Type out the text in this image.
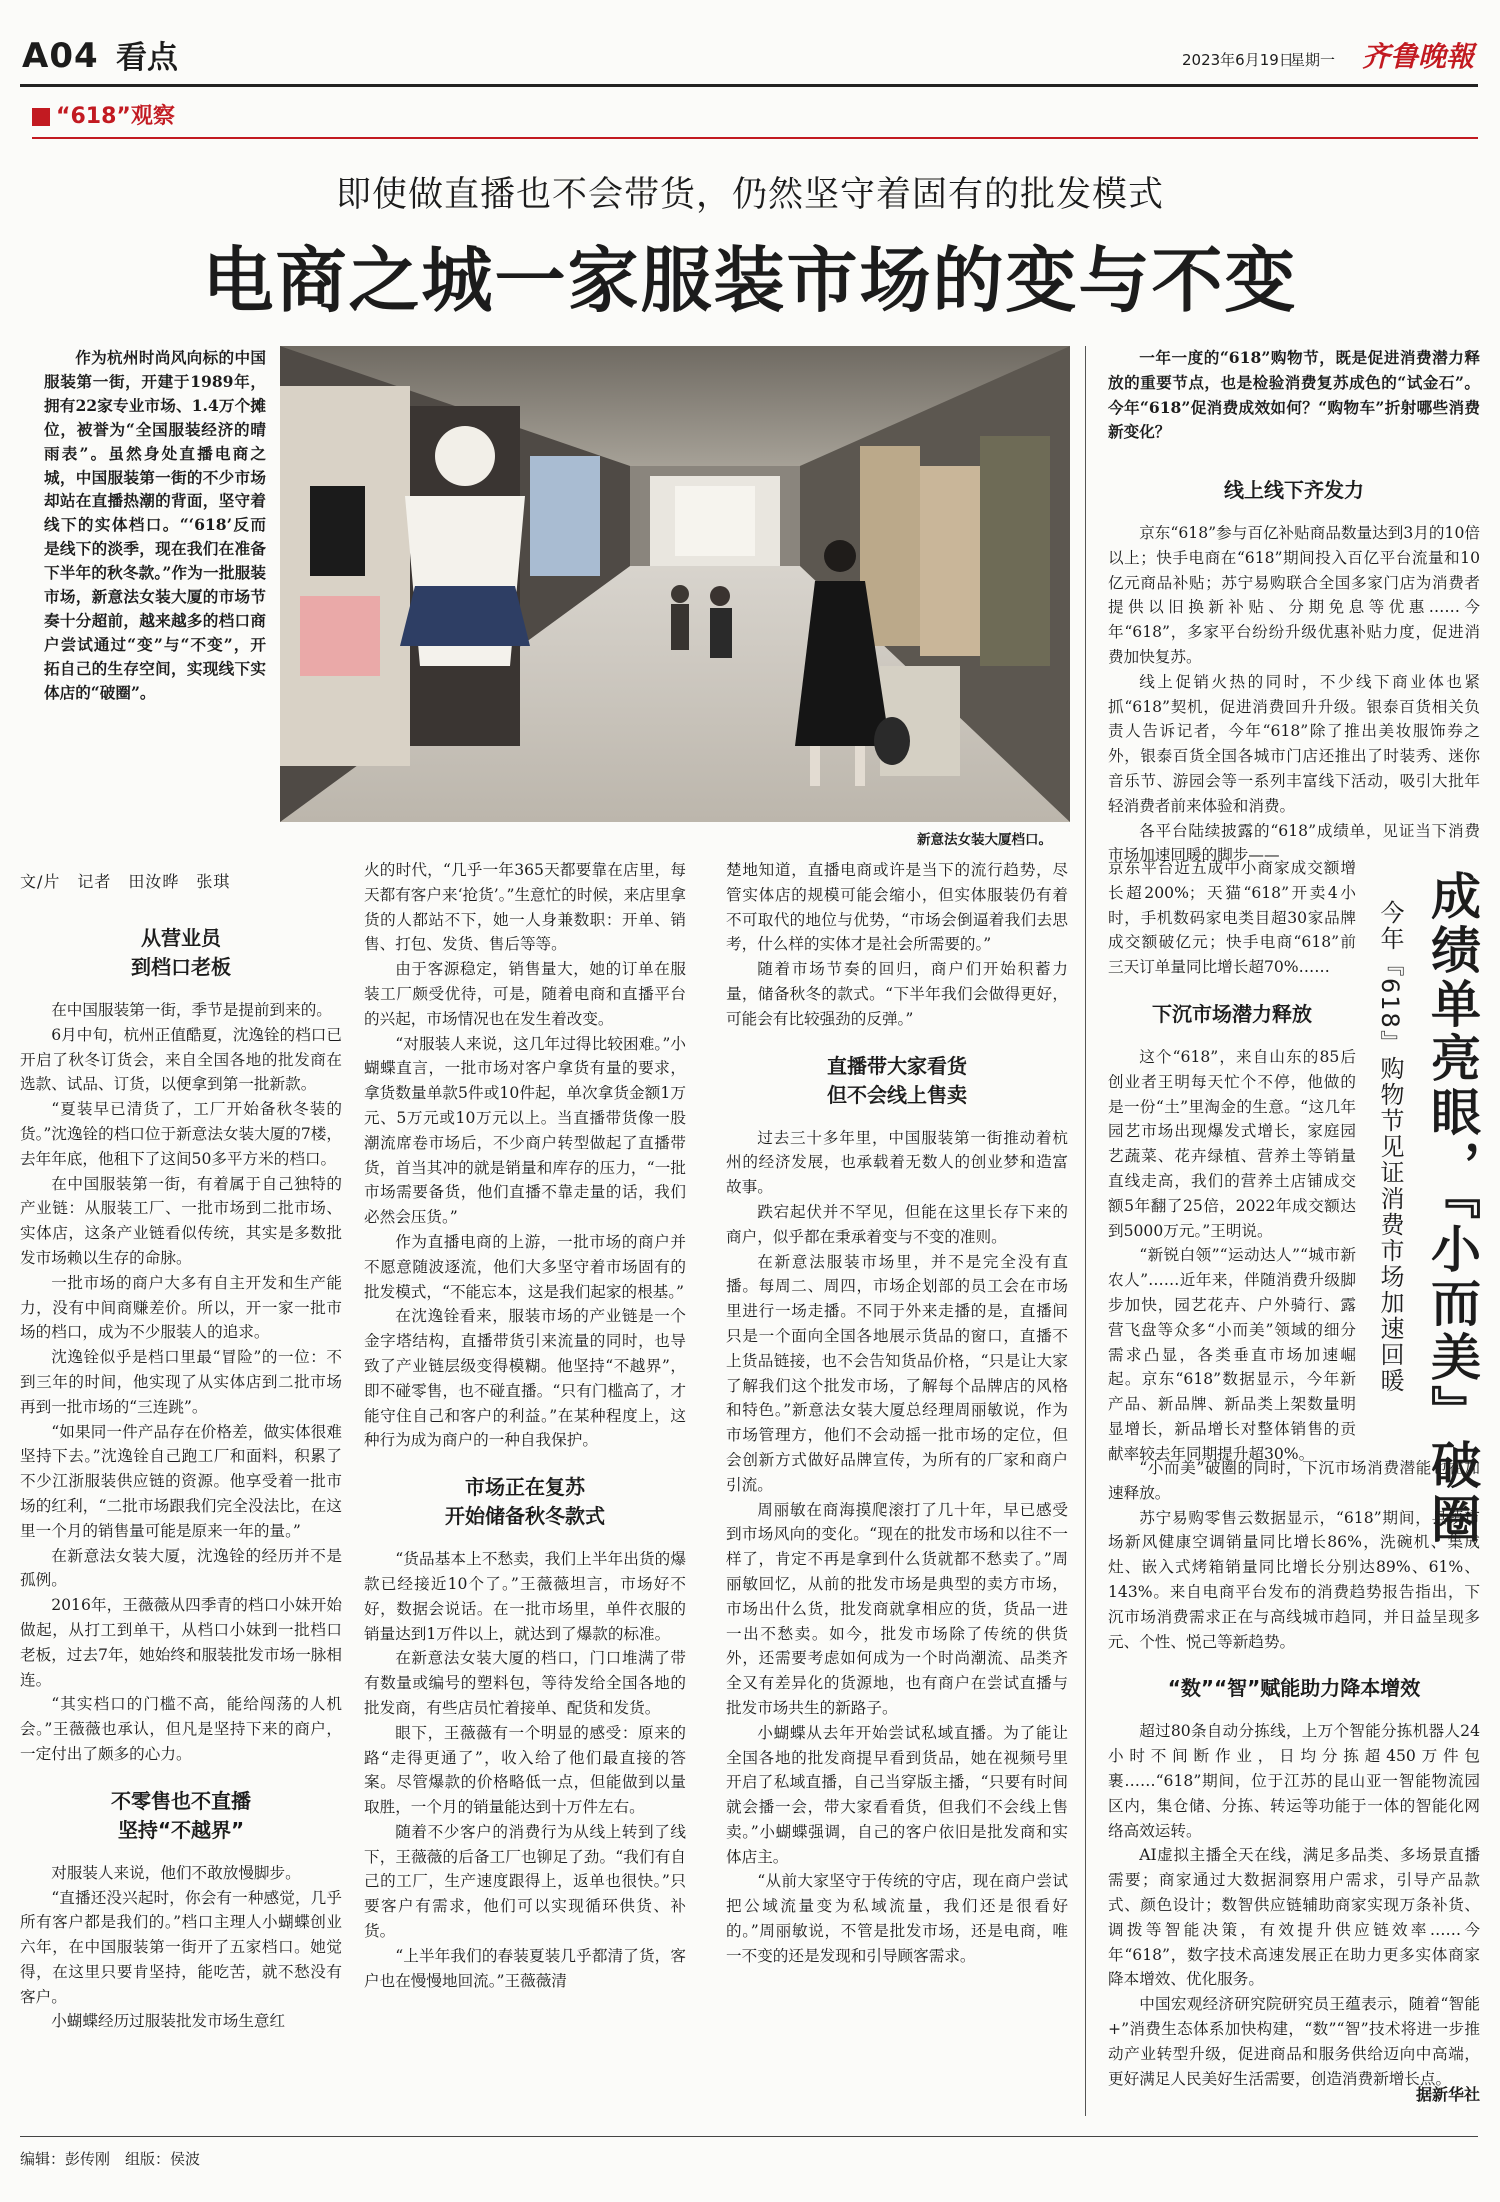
A04 看点	2023年6月19日
星期一 齐鲁晚報
“618”观察
即使做直播也不会带货，仍然坚守着固有的批发模式
电商之城一家服装市场的变与不变

作为杭州时尚风向标的中国服装第一街，开建于1989年，拥有22家专业市场、1.4万个摊位，被誉为“全国服装经济的晴雨表”。虽然身处直播电商之城，中国服装第一街的不少市场却站在直播热潮的背面，坚守着线下的实体档口。“‘618’反而是线下的淡季，现在我们在准备下半年的秋冬款。”作为一批服装市场，新意法女装大厦的市场节奏十分超前，越来越多的档口商户尝试通过“变”与“不变”，开拓自己的生存空间，实现线下实体店的“破圈”。

新意法女装大厦档口。
文/片　记者　田汝晔　张琪
从营业员
到档口老板

在中国服装第一街，季节是提前到来的。

6月中旬，杭州正值酷夏，沈逸铨的档口已开启了秋冬订货会，来自全国各地的批发商在选款、试品、订货，以便拿到第一批新款。

“夏装早已清货了，工厂开始备秋冬装的货。”沈逸铨的档口位于新意法女装大厦的7楼，去年年底，他租下了这间50多平方米的档口。

在中国服装第一街，有着属于自己独特的产业链：从服装工厂、一批市场到二批市场、实体店，这条产业链看似传统，其实是多数批发市场赖以生存的命脉。

一批市场的商户大多有自主开发和生产能力，没有中间商赚差价。所以，开一家一批市场的档口，成为不少服装人的追求。

沈逸铨似乎是档口里最“冒险”的一位：不到三年的时间，他实现了从实体店到二批市场再到一批市场的“三连跳”。

“如果同一件产品存在价格差，做实体很难坚持下去。”沈逸铨自己跑工厂和面料，积累了不少江浙服装供应链的资源。他享受着一批市场的红利，“二批市场跟我们完全没法比，在这里一个月的销售量可能是原来一年的量。”

在新意法女装大厦，沈逸铨的经历并不是孤例。

2016年，王薇薇从四季青的档口小妹开始做起，从打工到单干，从档口小妹到一批档口老板，过去7年，她始终和服装批发市场一脉相连。

“其实档口的门槛不高，能给闯荡的人机会。”王薇薇也承认，但凡是坚持下来的商户，一定付出了颇多的心力。

不零售也不直播
坚持“不越界”

对服装人来说，他们不敢放慢脚步。

“直播还没兴起时，你会有一种感觉，几乎所有客户都是我们的。”档口主理人小蝴蝶创业六年，在中国服装第一街开了五家档口。她觉得，在这里只要肯坚持，能吃苦，就不愁没有客户。

小蝴蝶经历过服装批发市场生意红

火的时代，“几乎一年365天都要靠在店里，每天都有客户来‘抢货’。”生意忙的时候，来店里拿货的人都站不下，她一人身兼数职：开单、销售、打包、发货、售后等等。

由于客源稳定，销售量大，她的订单在服装工厂颇受优待，可是，随着电商和直播平台的兴起，市场情况也在发生着改变。

“对服装人来说，这几年过得比较困难。”小蝴蝶直言，一批市场对客户拿货有量的要求，拿货数量单款5件或10件起，单次拿货金额1万元、5万元或10万元以上。当直播带货像一股潮流席卷市场后，不少商户转型做起了直播带货，首当其冲的就是销量和库存的压力，“一批市场需要备货，他们直播不靠走量的话，我们必然会压货。”

作为直播电商的上游，一批市场的商户并不愿意随波逐流，他们大多坚守着市场固有的批发模式，“不能忘本，这是我们起家的根基。”

在沈逸铨看来，服装市场的产业链是一个金字塔结构，直播带货引来流量的同时，也导致了产业链层级变得模糊。他坚持“不越界”，即不碰零售，也不碰直播。“只有门槛高了，才能守住自己和客户的利益。”在某种程度上，这种行为成为商户的一种自我保护。

市场正在复苏
开始储备秋冬款式

“货品基本上不愁卖，我们上半年出货的爆款已经接近10个了。”王薇薇坦言，市场好不好，数据会说话。在一批市场里，单件衣服的销量达到1万件以上，就达到了爆款的标准。

在新意法女装大厦的档口，门口堆满了带有数量或编号的塑料包，等待发给全国各地的批发商，有些店员忙着接单、配货和发货。

眼下，王薇薇有一个明显的感受：原来的路“走得更通了”，收入给了他们最直接的答案。尽管爆款的价格略低一点，但能做到以量取胜，一个月的销量能达到十万件左右。

随着不少客户的消费行为从线上转到了线下，王薇薇的后备工厂也铆足了劲。“我们有自己的工厂，生产速度跟得上，返单也很快。”只要客户有需求，他们可以实现循环供货、补货。

“上半年我们的春装夏装几乎都清了货，客户也在慢慢地回流。”王薇薇清

楚地知道，直播电商或许是当下的流行趋势，尽管实体店的规模可能会缩小，但实体服装仍有着不可取代的地位与优势，“市场会倒逼着我们去思考，什么样的实体才是社会所需要的。”

随着市场节奏的回归，商户们开始积蓄力量，储备秋冬的款式。“下半年我们会做得更好，可能会有比较强劲的反弹。”

直播带大家看货
但不会线上售卖

过去三十多年里，中国服装第一街推动着杭州的经济发展，也承载着无数人的创业梦和造富故事。

跌宕起伏并不罕见，但能在这里长存下来的商户，似乎都在秉承着变与不变的准则。

在新意法服装市场里，并不是完全没有直播。每周二、周四，市场企划部的员工会在市场里进行一场走播。不同于外来走播的是，直播间只是一个面向全国各地展示货品的窗口，直播不上货品链接，也不会告知货品价格，“只是让大家了解我们这个批发市场，了解每个品牌店的风格和特色。”新意法女装大厦总经理周丽敏说，作为市场管理方，他们不会动摇一批市场的定位，但会创新方式做好品牌宣传，为所有的厂家和商户引流。

周丽敏在商海摸爬滚打了几十年，早已感受到市场风向的变化。“现在的批发市场和以往不一样了，肯定不再是拿到什么货就都不愁卖了。”周丽敏回忆，从前的批发市场是典型的卖方市场，市场出什么货，批发商就拿相应的货，货品一进一出不愁卖。如今，批发市场除了传统的供货外，还需要考虑如何成为一个时尚潮流、品类齐全又有差异化的货源地，也有商户在尝试直播与批发市场共生的新路子。

小蝴蝶从去年开始尝试私域直播。为了能让全国各地的批发商提早看到货品，她在视频号里开启了私域直播，自己当穿版主播，“只要有时间就会播一会，带大家看看货，但我们不会线上售卖。”小蝴蝶强调，自己的客户依旧是批发商和实体店主。

“从前大家坚守于传统的守店，现在商户尝试把公域流量变为私域流量，我们还是很看好的。”周丽敏说，不管是批发市场，还是电商，唯一不变的还是发现和引导顾客需求。

一年一度的“618”购物节，既是促进消费潜力释放的重要节点，也是检验消费复苏成色的“试金石”。今年“618”促消费成效如何？“购物车”折射哪些消费新变化？

线上线下齐发力

京东“618”参与百亿补贴商品数量达到3月的10倍以上；快手电商在“618”期间投入百亿平台流量和10亿元商品补贴；苏宁易购联合全国多家门店为消费者提供以旧换新补贴、分期免息等优惠……今年“618”，多家平台纷纷升级优惠补贴力度，促进消费加快复苏。

线上促销火热的同时，不少线下商业体也紧抓“618”契机，促进消费回升升级。银泰百货相关负责人告诉记者，今年“618”除了推出美妆服饰券之外，银泰百货全国各城市门店还推出了时装秀、迷你音乐节、游园会等一系列丰富线下活动，吸引大批年轻消费者前来体验和消费。

各平台陆续披露的“618”成绩单，见证当下消费市场加速回暖的脚步——

京东平台近五成中小商家成交额增长超200%；天猫“618”开卖4小时，手机数码家电类目超30家品牌成交额破亿元；快手电商“618”前三天订单量同比增长超70%……

下沉市场潜力释放

这个“618”，来自山东的85后创业者王明每天忙个不停，他做的是一份“土”里淘金的生意。“这几年园艺市场出现爆发式增长，家庭园艺蔬菜、花卉绿植、营养土等销量直线走高，我们的营养土店铺成交额5年翻了25倍，2022年成交额达到5000万元。”王明说。

“新锐白领”“运动达人”“城市新农人”……近年来，伴随消费升级脚步加快，园艺花卉、户外骑行、露营飞盘等众多“小而美”领域的细分需求凸显，各类垂直市场加速崛起。京东“618”数据显示，今年新产品、新品牌、新品类上架数量明显增长，新品增长对整体销售的贡献率较去年同期提升超30%。	成绩单亮眼，『小而美』破圈
今年『618』购物节见证消费市场加速回暖

“小而美”破圈的同时，下沉市场消费潜能也在加速释放。

苏宁易购零售云数据显示，“618”期间，县镇市场新风健康空调销量同比增长86%，洗碗机、集成灶、嵌入式烤箱销量同比增长分别达89%、61%、143%。来自电商平台发布的消费趋势报告指出，下沉市场消费需求正在与高线城市趋同，并日益呈现多元、个性、悦己等新趋势。

“数”“智”赋能助力降本增效

超过80条自动分拣线，上万个智能分拣机器人24小时不间断作业，日均分拣超450万件包裹……“618”期间，位于江苏的昆山亚一智能物流园区内，集仓储、分拣、转运等功能于一体的智能化网络高效运转。

AI虚拟主播全天在线，满足多品类、多场景直播需要；商家通过大数据洞察用户需求，引导产品款式、颜色设计；数智供应链辅助商家实现万条补货、调拨等智能决策，有效提升供应链效率……今年“618”，数字技术高速发展正在助力更多实体商家降本增效、优化服务。

中国宏观经济研究院研究员王蕴表示，随着“智能+”消费生态体系加快构建，“数”“智”技术将进一步推动产业转型升级，促进商品和服务供给迈向中高端，更好满足人民美好生活需要，创造消费新增长点。

据新华社
编辑：彭传刚　组版：侯波
